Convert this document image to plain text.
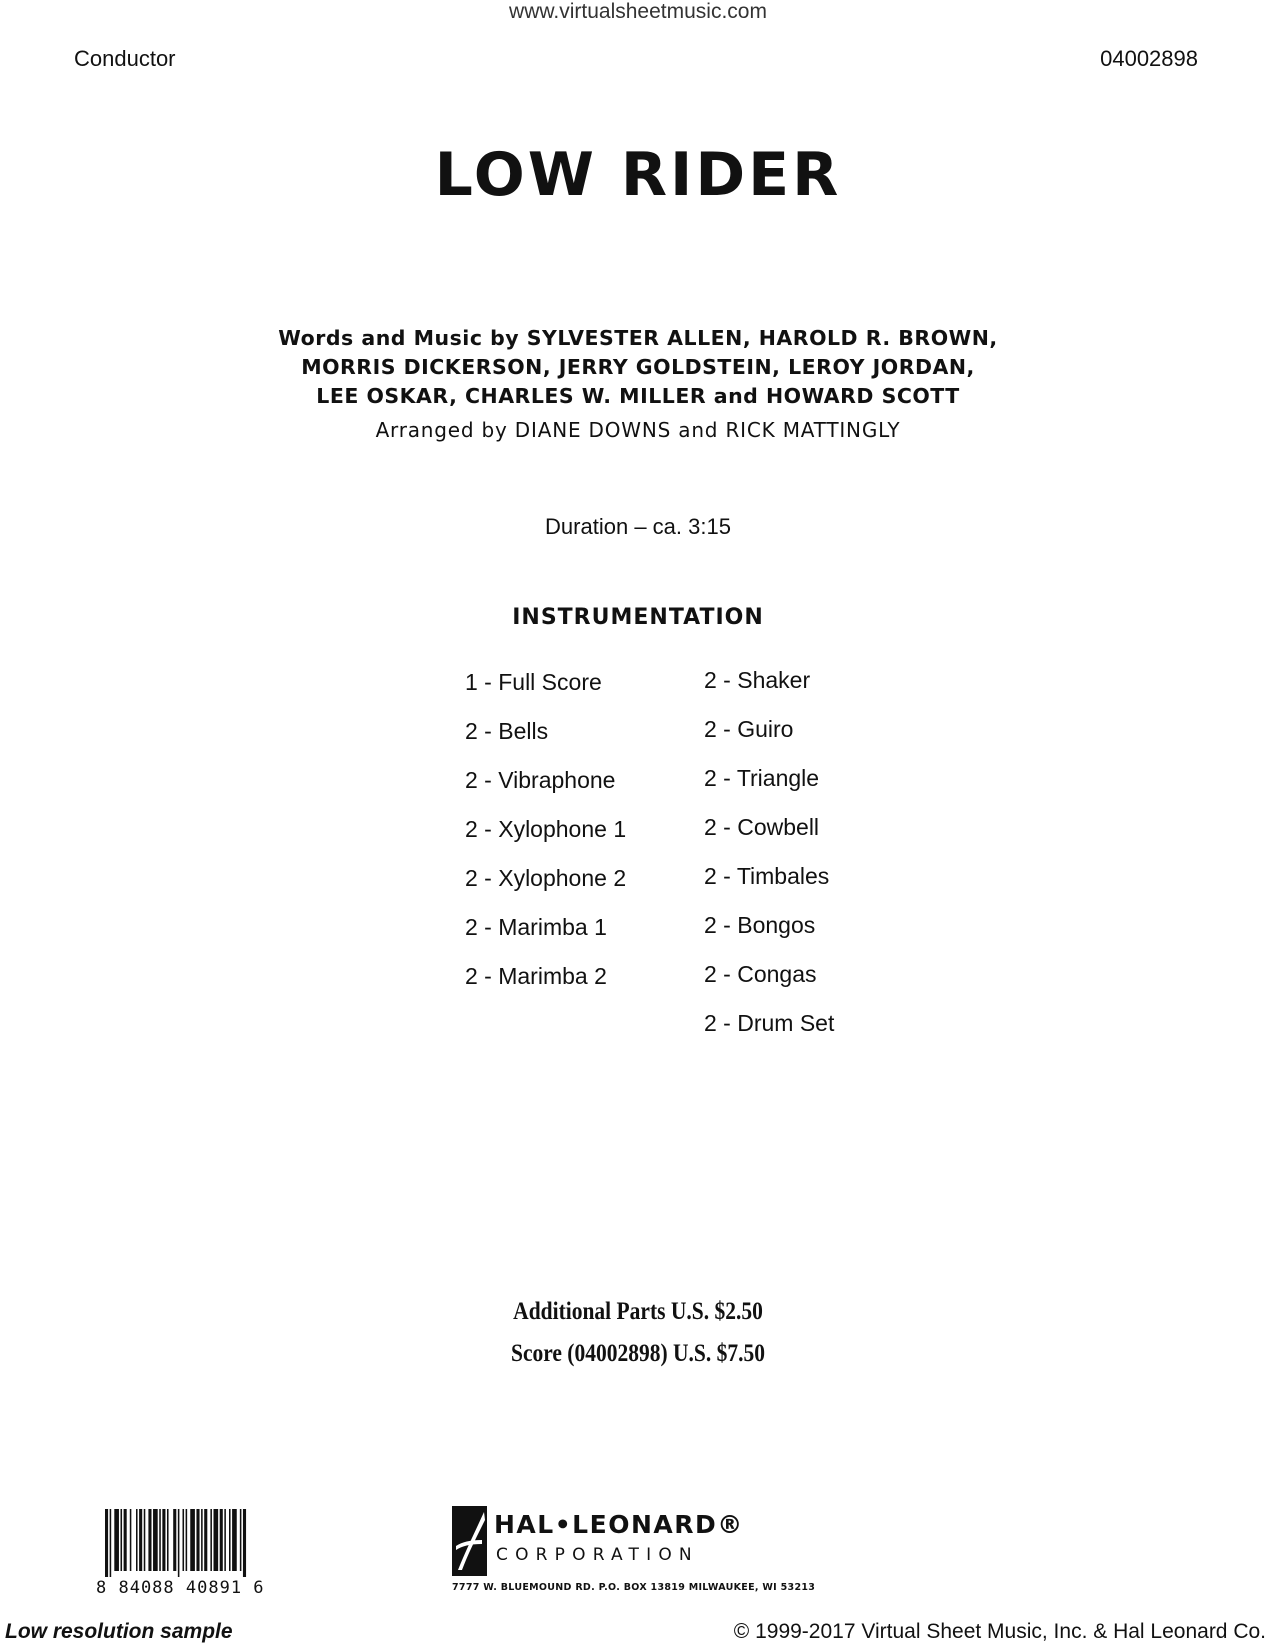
www.virtualsheetmusic.com
Conductor	04002898
LOW RIDER
Words and Music by SYLVESTER ALLEN, HAROLD R. BROWN,
MORRIS DICKERSON, JERRY GOLDSTEIN, LEROY JORDAN,
LEE OSKAR, CHARLES W. MILLER and HOWARD SCOTT
Arranged by DIANE DOWNS and RICK MATTINGLY
Duration – ca. 3:15
INSTRUMENTATION
1 - Full Score
2 - Bells
2 - Vibraphone
2 - Xylophone 1
2 - Xylophone 2
2 - Marimba 1
2 - Marimba 2
2 - Shaker
2 - Guiro
2 - Triangle
2 - Cowbell
2 - Timbales
2 - Bongos
2 - Congas
2 - Drum Set
Additional Parts U.S. $2.50
Score (04002898) U.S. $7.50
8 84088 40891 6
HAL•LEONARD®
CORPORATION
7777 W. BLUEMOUND RD. P.O. BOX 13819 MILWAUKEE, WI 53213
Low resolution sample	© 1999-2017 Virtual Sheet Music, Inc. & Hal Leonard Co.
